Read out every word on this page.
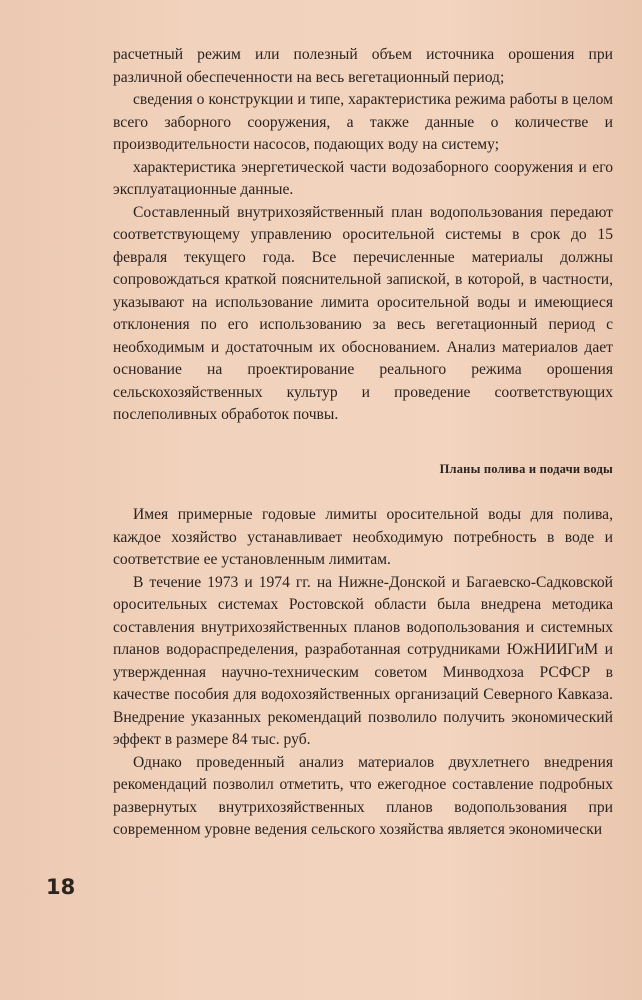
расчетный режим или полезный объем источника орошения при различной обеспеченности на весь вегетационный период;

сведения о конструкции и типе, характеристика режима работы в целом всего заборного сооружения, а также данные о количестве и производительности насосов, подающих воду на систему;

характеристика энергетической части водозаборного сооружения и его эксплуатационные данные.

Составленный внутрихозяйственный план водопользования передают соответствующему управлению оросительной системы в срок до 15 февраля текущего года. Все перечисленные материалы должны сопровождаться краткой пояснительной запиской, в которой, в частности, указывают на использование лимита оросительной воды и имеющиеся отклонения по его использованию за весь вегетационный период с необходимым и достаточным их обоснованием. Анализ материалов дает основание на проектирование реального режима орошения сельскохозяйственных культур и проведение соответствующих послеполивных обработок почвы.

Планы полива и подачи воды

Имея примерные годовые лимиты оросительной воды для полива, каждое хозяйство устанавливает необходимую потребность в воде и соответствие ее установленным лимитам.

В течение 1973 и 1974 гг. на Нижне-Донской и Багаевско-Садковской оросительных системах Ростовской области была внедрена методика составления внутрихозяйственных планов водопользования и системных планов водораспределения, разработанная сотрудниками ЮжНИИГиМ и утвержденная научно-техническим советом Минводхоза РСФСР в качестве пособия для водохозяйственных организаций Северного Кавказа. Внедрение указанных рекомендаций позволило получить экономический эффект в размере 84 тыс. руб.

Однако проведенный анализ материалов двухлетнего внедрения рекомендаций позволил отметить, что ежегодное составление подробных развернутых внутрихозяйственных планов водопользования при современном уровне ведения сельского хозяйства является экономически

18
